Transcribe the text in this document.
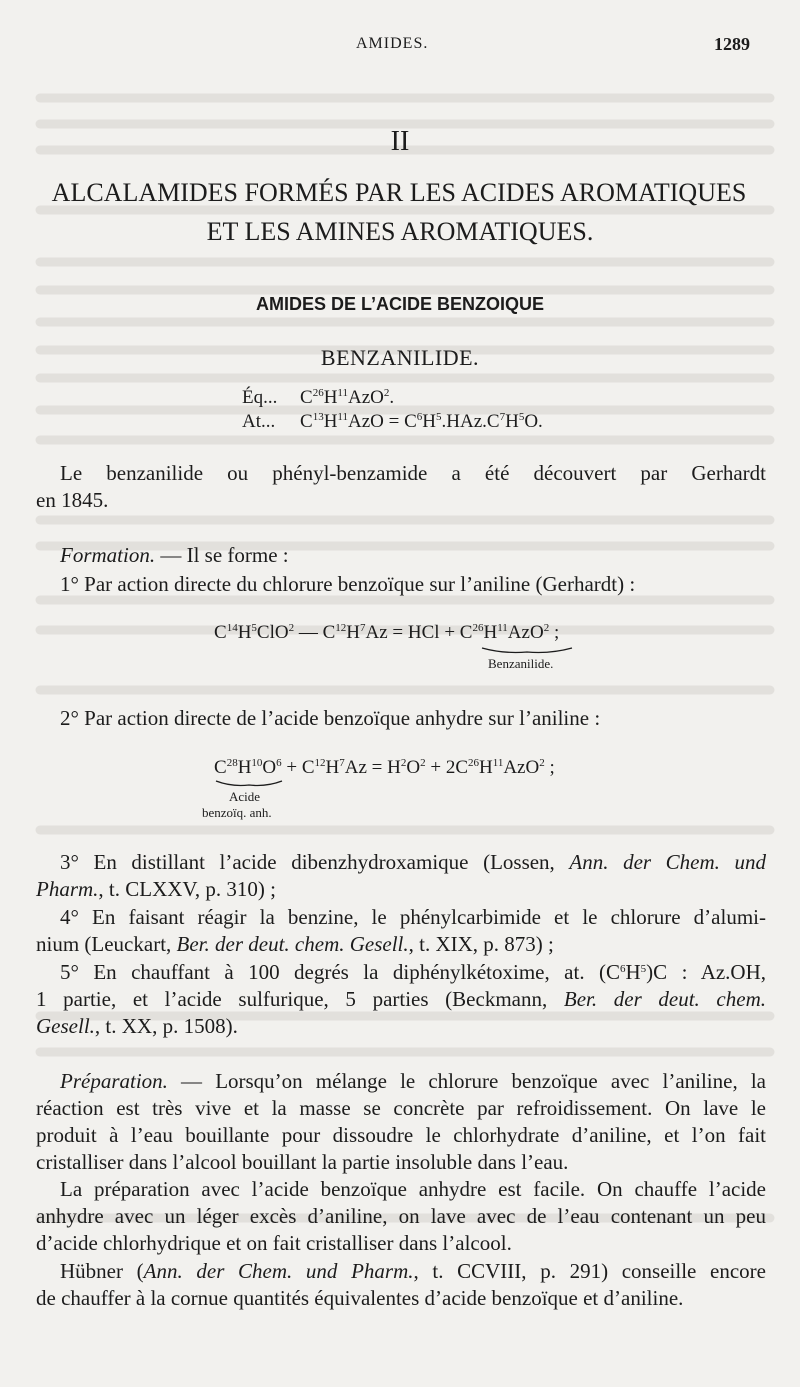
AMIDES.	1289
II
ALCALAMIDES FORMÉS PAR LES ACIDES AROMATIQUES
ET LES AMINES AROMATIQUES.
AMIDES DE L’ACIDE BENZOIQUE
BENZANILIDE.
Éq... $C^{26}H^{11}AzO^2$.
At... $C^{13}H^{11}AzO = C^6H^5.HAz.C^7H^5O$.
Le benzanilide ou phényl-benzamide a été découvert par Gerhardt
en 1845.
Formation. — Il se forme :
1° Par action directe du chlorure benzoïque sur l’aniline (Gerhardt) :
$C^{14}H^5ClO^2$ — $C^{12}H^7Az$ = HCl + $C^{26}H^{11}AzO^2$ ;
Benzanilide.
2° Par action directe de l’acide benzoïque anhydre sur l’aniline :
$C^{28}H^{10}O^6 + C^{12}H^7Az = H^2O^2 + 2C^{26}H^{11}AzO^2$ ;
Acide
benzoïq. anh.
3° En distillant l’acide dibenzhydroxamique (Lossen, Ann. der Chem. und
Pharm., t. CLXXV, p. 310) ;
4° En faisant réagir la benzine, le phénylcarbimide et le chlorure d’alumi-
nium (Leuckart, Ber. der deut. chem. Gesell., t. XIX, p. 873) ;
5° En chauffant à 100 degrés la diphénylkétoxime, at. $(C^6H^5)C$ : Az.OH,
1 partie, et l’acide sulfurique, 5 parties (Beckmann, Ber. der deut. chem.
Gesell., t. XX, p. 1508).
Préparation. — Lorsqu’on mélange le chlorure benzoïque avec l’aniline, la
réaction est très vive et la masse se concrète par refroidissement. On lave le
produit à l’eau bouillante pour dissoudre le chlorhydrate d’aniline, et l’on fait
cristalliser dans l’alcool bouillant la partie insoluble dans l’eau.
La préparation avec l’acide benzoïque anhydre est facile. On chauffe l’acide
anhydre avec un léger excès d’aniline, on lave avec de l’eau contenant un peu
d’acide chlorhydrique et on fait cristalliser dans l’alcool.
Hübner (Ann. der Chem. und Pharm., t. CCVIII, p. 291) conseille encore
de chauffer à la cornue quantités équivalentes d’acide benzoïque et d’aniline.
